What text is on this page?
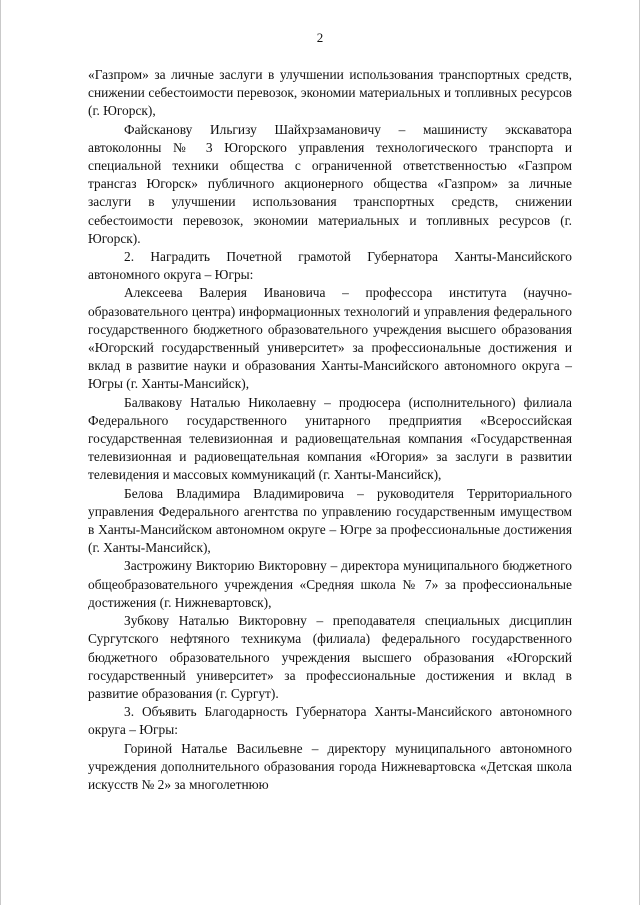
2

«Газпром» за личные заслуги в улучшении использования транспортных средств, снижении себестоимости перевозок, экономии материальных и топливных ресурсов (г. Югорск),

Файсканову Ильгизу Шайхрзамановичу – машинисту экскаватора автоколонны № 3 Югорского управления технологического транспорта и специальной техники общества с ограниченной ответственностью «Газпром трансгаз Югорск» публичного акционерного общества «Газпром» за личные заслуги в улучшении использования транспортных средств, снижении себестоимости перевозок, экономии материальных и топливных ресурсов (г. Югорск).

2. Наградить Почетной грамотой Губернатора Ханты-Мансийского автономного округа – Югры:

Алексеева Валерия Ивановича – профессора института (научно-образовательного центра) информационных технологий и управления федерального государственного бюджетного образовательного учреждения высшего образования «Югорский государственный университет» за профессиональные достижения и вклад в развитие науки и образования Ханты-Мансийского автономного округа – Югры (г. Ханты-Мансийск),

Балваковy Наталью Николаевну – продюсера (исполнительного) филиала Федерального государственного унитарного предприятия «Всероссийская государственная телевизионная и радиовещательная компания «Государственная телевизионная и радиовещательная компания «Югория» за заслуги в развитии телевидения и массовых коммуникаций (г. Ханты-Мансийск),

Белова Владимира Владимировича – руководителя Территориального управления Федерального агентства по управлению государственным имуществом в Ханты-Мансийском автономном округе – Югре за профессиональные достижения (г. Ханты-Мансийск),

Застрожину Викторию Викторовну – директора муниципального бюджетного общеобразовательного учреждения «Средняя школа № 7» за профессиональные достижения (г. Нижневартовск),

Зубкову Наталью Викторовну – преподавателя специальных дисциплин Сургутского нефтяного техникума (филиала) федерального государственного бюджетного образовательного учреждения высшего образования «Югорский государственный университет» за профессиональные достижения и вклад в развитие образования (г. Сургут).

3. Объявить Благодарность Губернатора Ханты-Мансийского автономного округа – Югры:

Гориной Наталье Васильевне – директору муниципального автономного учреждения дополнительного образования города Нижневартовска «Детская школа искусств № 2» за многолетнюю
